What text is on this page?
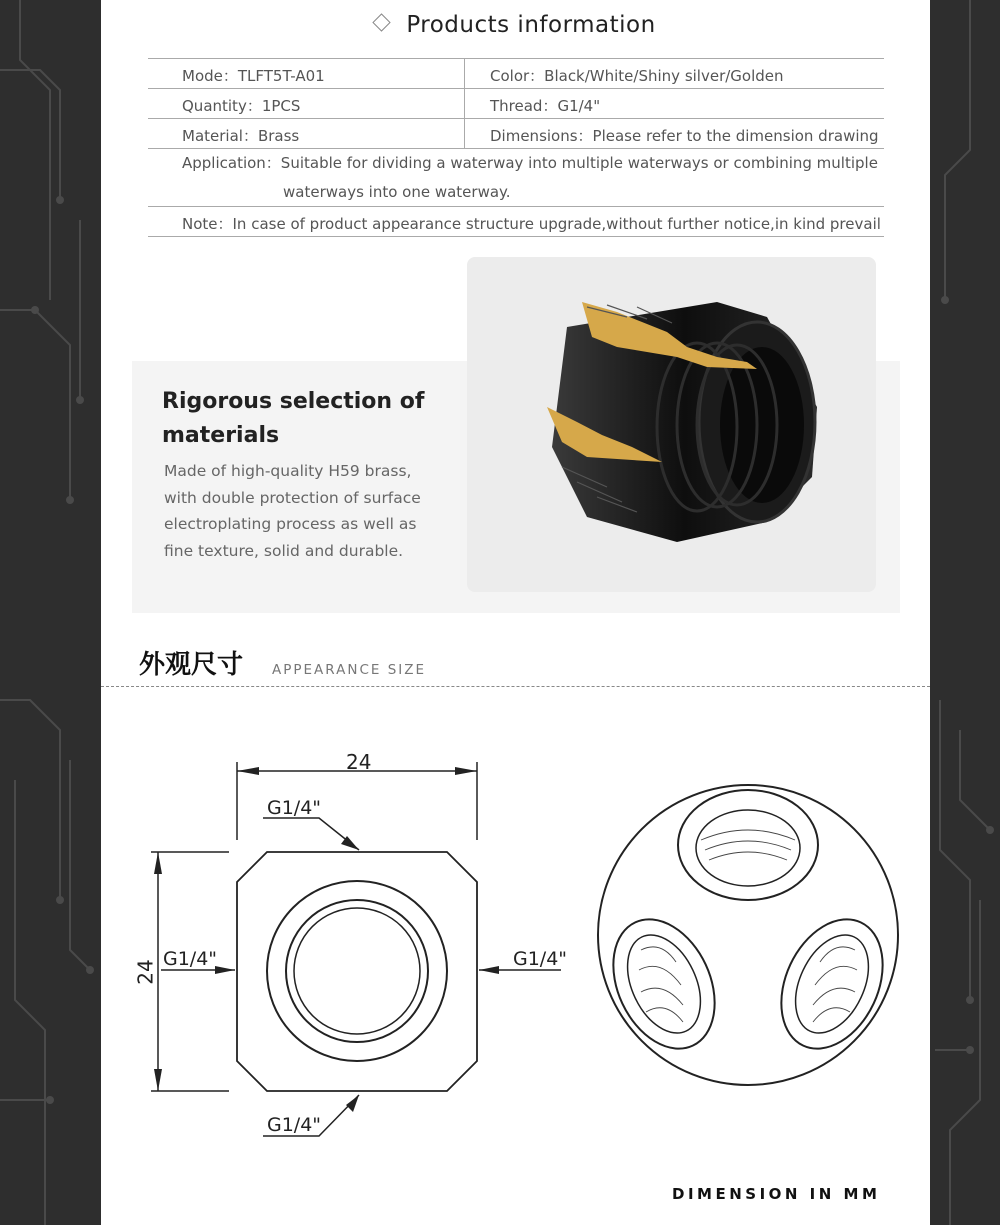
Products information
Mode：TLFT5T-A01	Color：Black/White/Shiny silver/Golden
Quantity：1PCS	Thread：G1/4"
Material：Brass	Dimensions：Please refer to the dimension drawing
Application：Suitable for dividing a waterway into multiple waterways or combining multiple
waterways into one waterway.
Note：In case of product appearance structure upgrade,without further notice,in kind prevail
Rigorous selection of materials
Made of high-quality H59 brass, with double protection of surface electroplating process as well as fine texture, solid and durable.
外观尺寸 APPEARANCE SIZE
24
24
G1/4"
G1/4"	G1/4"
G1/4"
DIMENSION IN MM
